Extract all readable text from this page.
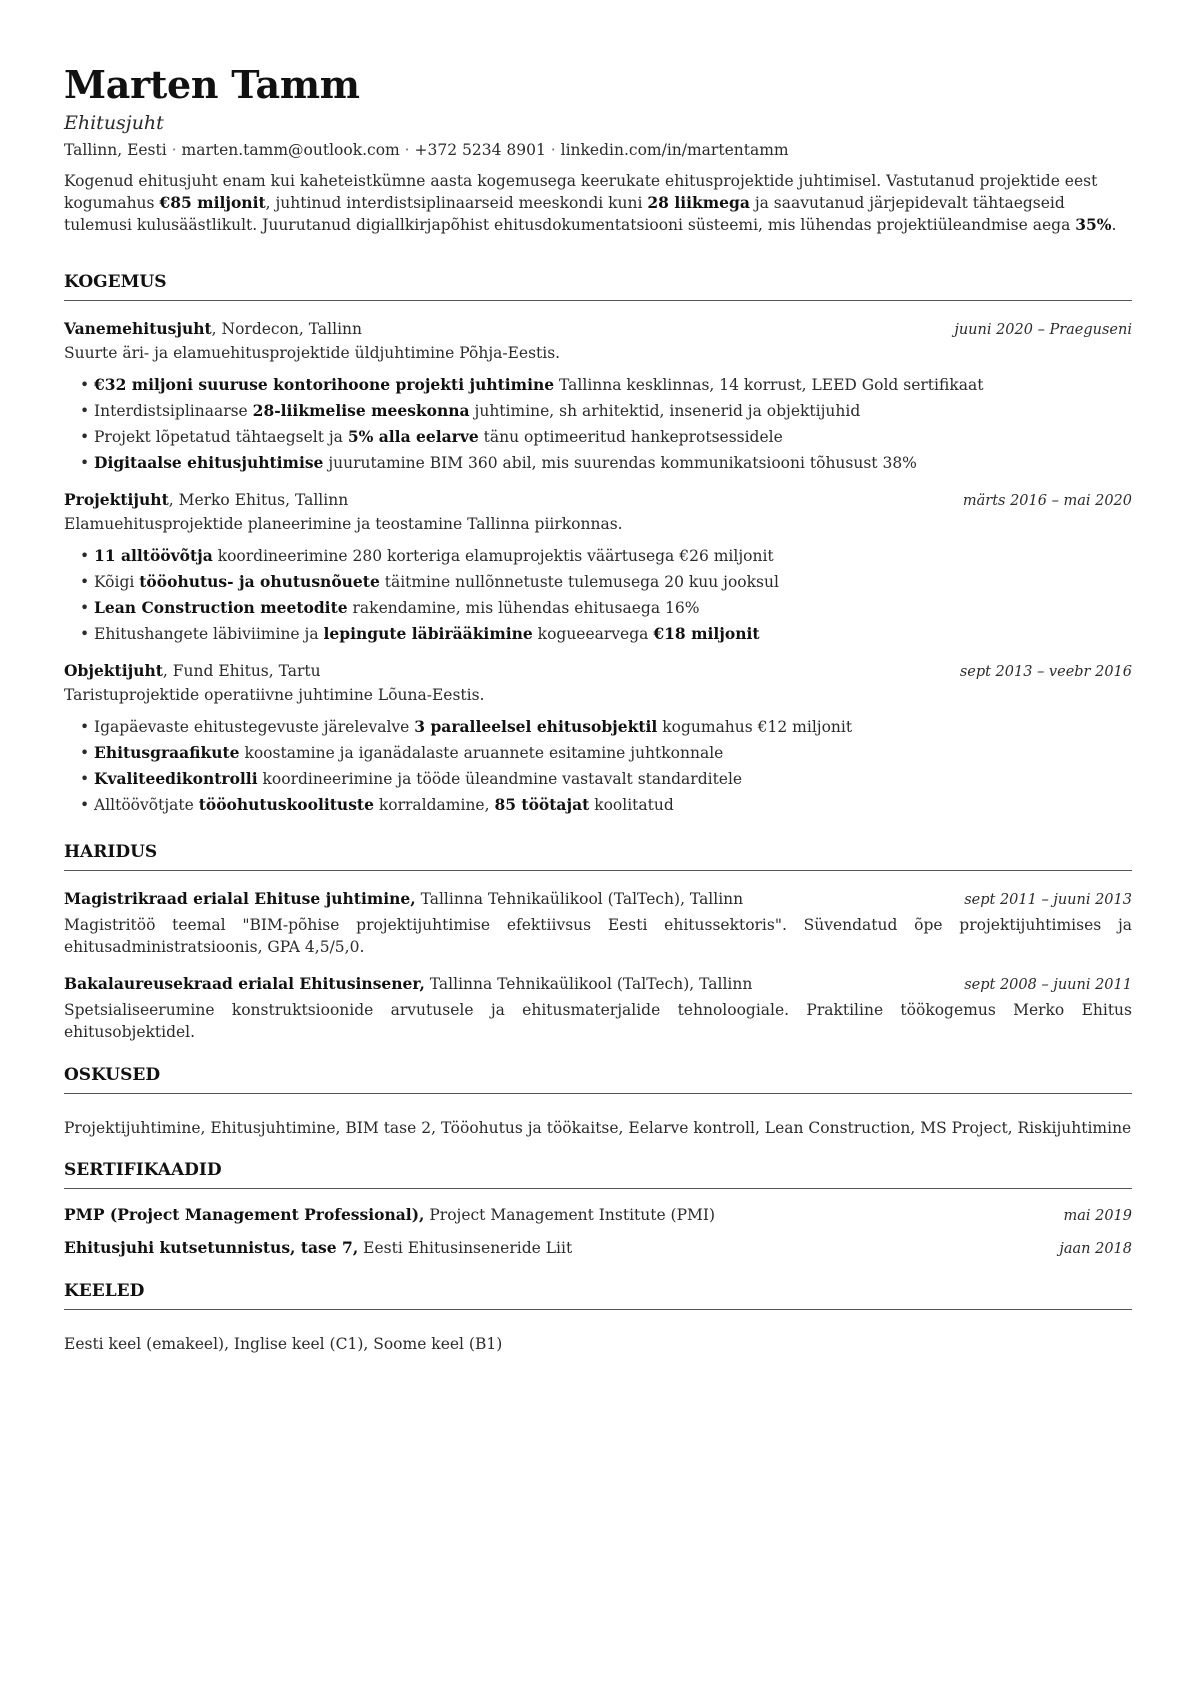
Marten Tamm
Ehitusjuht
Tallinn, Eesti · marten.tamm@outlook.com · +372 5234 8901 · linkedin.com/in/martentamm
Kogenud ehitusjuht enam kui kaheteistkümne aasta kogemusega keerukate ehitusprojektide juhtimisel. Vastutanud projektide eest kogumahus €85 miljonit, juhtinud interdistsiplinaarseid meeskondi kuni 28 liikmega ja saavutanud järjepidevalt tähtaegseid tulemusi kulusäästlikult. Juurutanud digiallkirjapõhist ehitusdokumentatsiooni süsteemi, mis lühendas projektiüleandmise aega 35%.
KOGEMUS
Vanemehitusjuht, Nordecon, Tallinn	juuni 2020 – Praeguseni
Suurte äri- ja elamuehitusprojektide üldjuhtimine Põhja-Eestis.
• €32 miljoni suuruse kontorihoone projekti juhtimine Tallinna kesklinnas, 14 korrust, LEED Gold sertifikaat
• Interdistsiplinaarse 28-liikmelise meeskonna juhtimine, sh arhitektid, insenerid ja objektijuhid
• Projekt lõpetatud tähtaegselt ja 5% alla eelarve tänu optimeeritud hankeprotsessidele
• Digitaalse ehitusjuhtimise juurutamine BIM 360 abil, mis suurendas kommunikatsiooni tõhusust 38%
Projektijuht, Merko Ehitus, Tallinn	märts 2016 – mai 2020
Elamuehitusprojektide planeerimine ja teostamine Tallinna piirkonnas.
• 11 alltöövõtja koordineerimine 280 korteriga elamuprojektis väärtusega €26 miljonit
• Kõigi tööohutus- ja ohutusnõuete täitmine nullõnnetuste tulemusega 20 kuu jooksul
• Lean Construction meetodite rakendamine, mis lühendas ehitusaega 16%
• Ehitushangete läbiviimine ja lepingute läbirääkimine kogueearvega €18 miljonit
Objektijuht, Fund Ehitus, Tartu	sept 2013 – veebr 2016
Taristuprojektide operatiivne juhtimine Lõuna-Eestis.
• Igapäevaste ehitustegevuste järelevalve 3 paralleelsel ehitusobjektil kogumahus €12 miljonit
• Ehitusgraafikute koostamine ja iganädalaste aruannete esitamine juhtkonnale
• Kvaliteedikontrolli koordineerimine ja tööde üleandmine vastavalt standarditele
• Alltöövõtjate tööohutuskoolituste korraldamine, 85 töötajat koolitatud
HARIDUS
Magistrikraad erialal Ehituse juhtimine, Tallinna Tehnikaülikool (TalTech), Tallinn	sept 2011 – juuni 2013
Magistritöö teemal "BIM-põhise projektijuhtimise efektiivsus Eesti ehitussektoris". Süvendatud õpe projektijuhtimises ja ehitusadministratsioonis, GPA 4,5/5,0.
Bakalaureusekraad erialal Ehitusinsener, Tallinna Tehnikaülikool (TalTech), Tallinn	sept 2008 – juuni 2011
Spetsialiseerumine konstruktsioonide arvutusele ja ehitusmaterjalide tehnoloogiale. Praktiline töökogemus Merko Ehitus ehitusobjektidel.
OSKUSED
Projektijuhtimine, Ehitusjuhtimine, BIM tase 2, Tööohutus ja töökaitse, Eelarve kontroll, Lean Construction, MS Project, Riskijuhtimine
SERTIFIKAADID
PMP (Project Management Professional), Project Management Institute (PMI)	mai 2019
Ehitusjuhi kutsetunnistus, tase 7, Eesti Ehitusinseneride Liit	jaan 2018
KEELED
Eesti keel (emakeel), Inglise keel (C1), Soome keel (B1)
